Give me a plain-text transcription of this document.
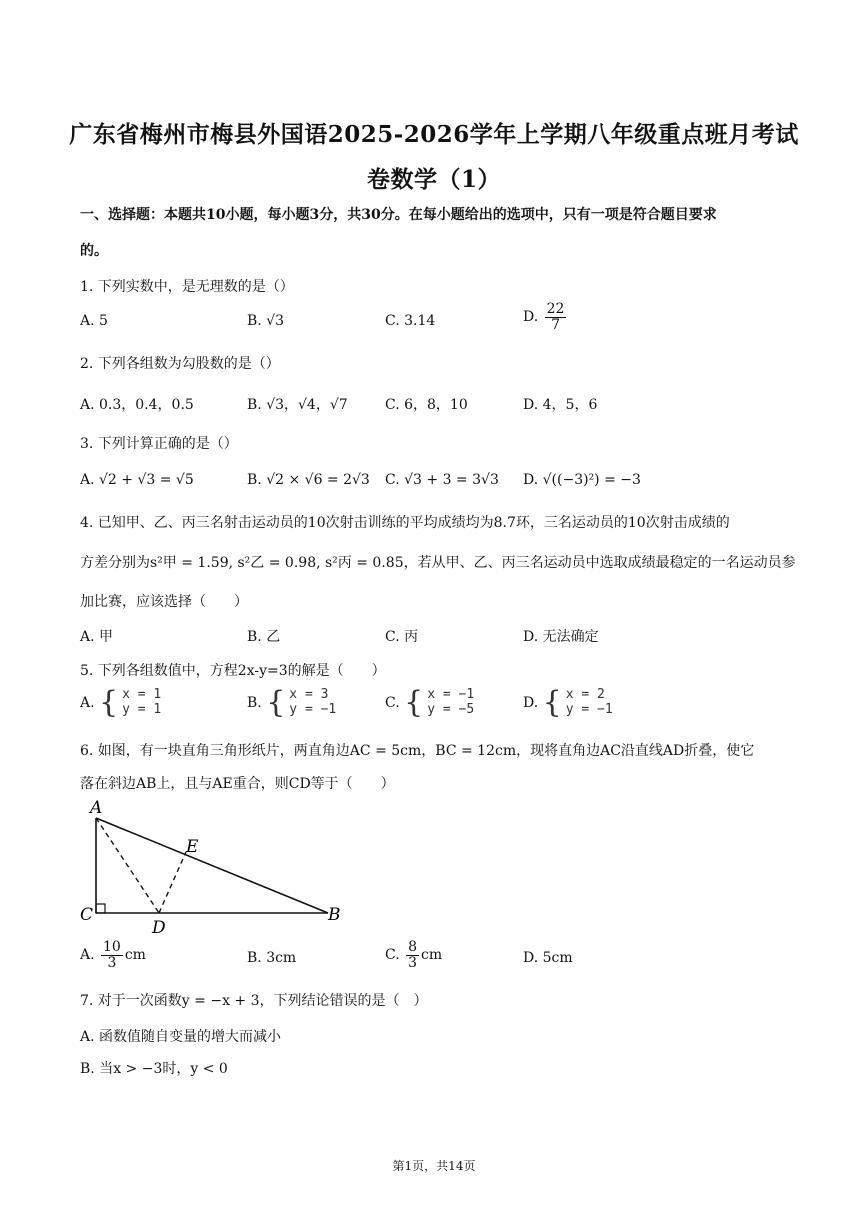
广东省梅州市梅县外国语2025-2026学年上学期八年级重点班月考试
卷数学（1）
一、选择题：本题共10小题，每小题3分，共30分。在每小题给出的选项中，只有一项是符合题目要求
的。
1. 下列实数中，是无理数的是（）
A. 5	B. √3	C. 3.14	D. $\frac{22}{7}$
2. 下列各组数为勾股数的是（）
A. 0.3，0.4，0.5	B. √3，√4，√7	C. 6，8，10	D. 4，5，6
3. 下列计算正确的是（）
A. √2 + √3 = √5	B. √2 × √6 = 2√3 C. √3 + 3 = 3√3 D. √((−3)²) = −3
4. 已知甲、乙、丙三名射击运动员的10次射击训练的平均成绩均为8.7环，三名运动员的10次射击成绩的
方差分别为s²甲 = 1.59, s²乙 = 0.98, s²丙 = 0.85，若从甲、乙、丙三名运动员中选取成绩最稳定的一名运动员参
加比赛，应该选择（　　）
A. 甲	B. 乙	C. 丙	D. 无法确定
5. 下列各组数值中，方程2x-y=3的解是（　　）
A. { x = 1
y = 1	B. { x = 3
y = −1	C. { x = −1
y = −5	D. { x = 2
y = −1
6. 如图，有一块直角三角形纸片，两直角边AC = 5cm，BC = 12cm，现将直角边AC沿直线AD折叠，使它
落在斜边AB上，且与AE重合，则CD等于（　　）
A
E
C
D
B
A. $\frac{10}{3}$ cm	B. 3cm	C. $\frac{8}{3}$ cm	D. 5cm
7. 对于一次函数y = −x + 3，下列结论错误的是（　）
A. 函数值随自变量的增大而减小
B. 当x > −3时，y < 0
第1页，共14页
